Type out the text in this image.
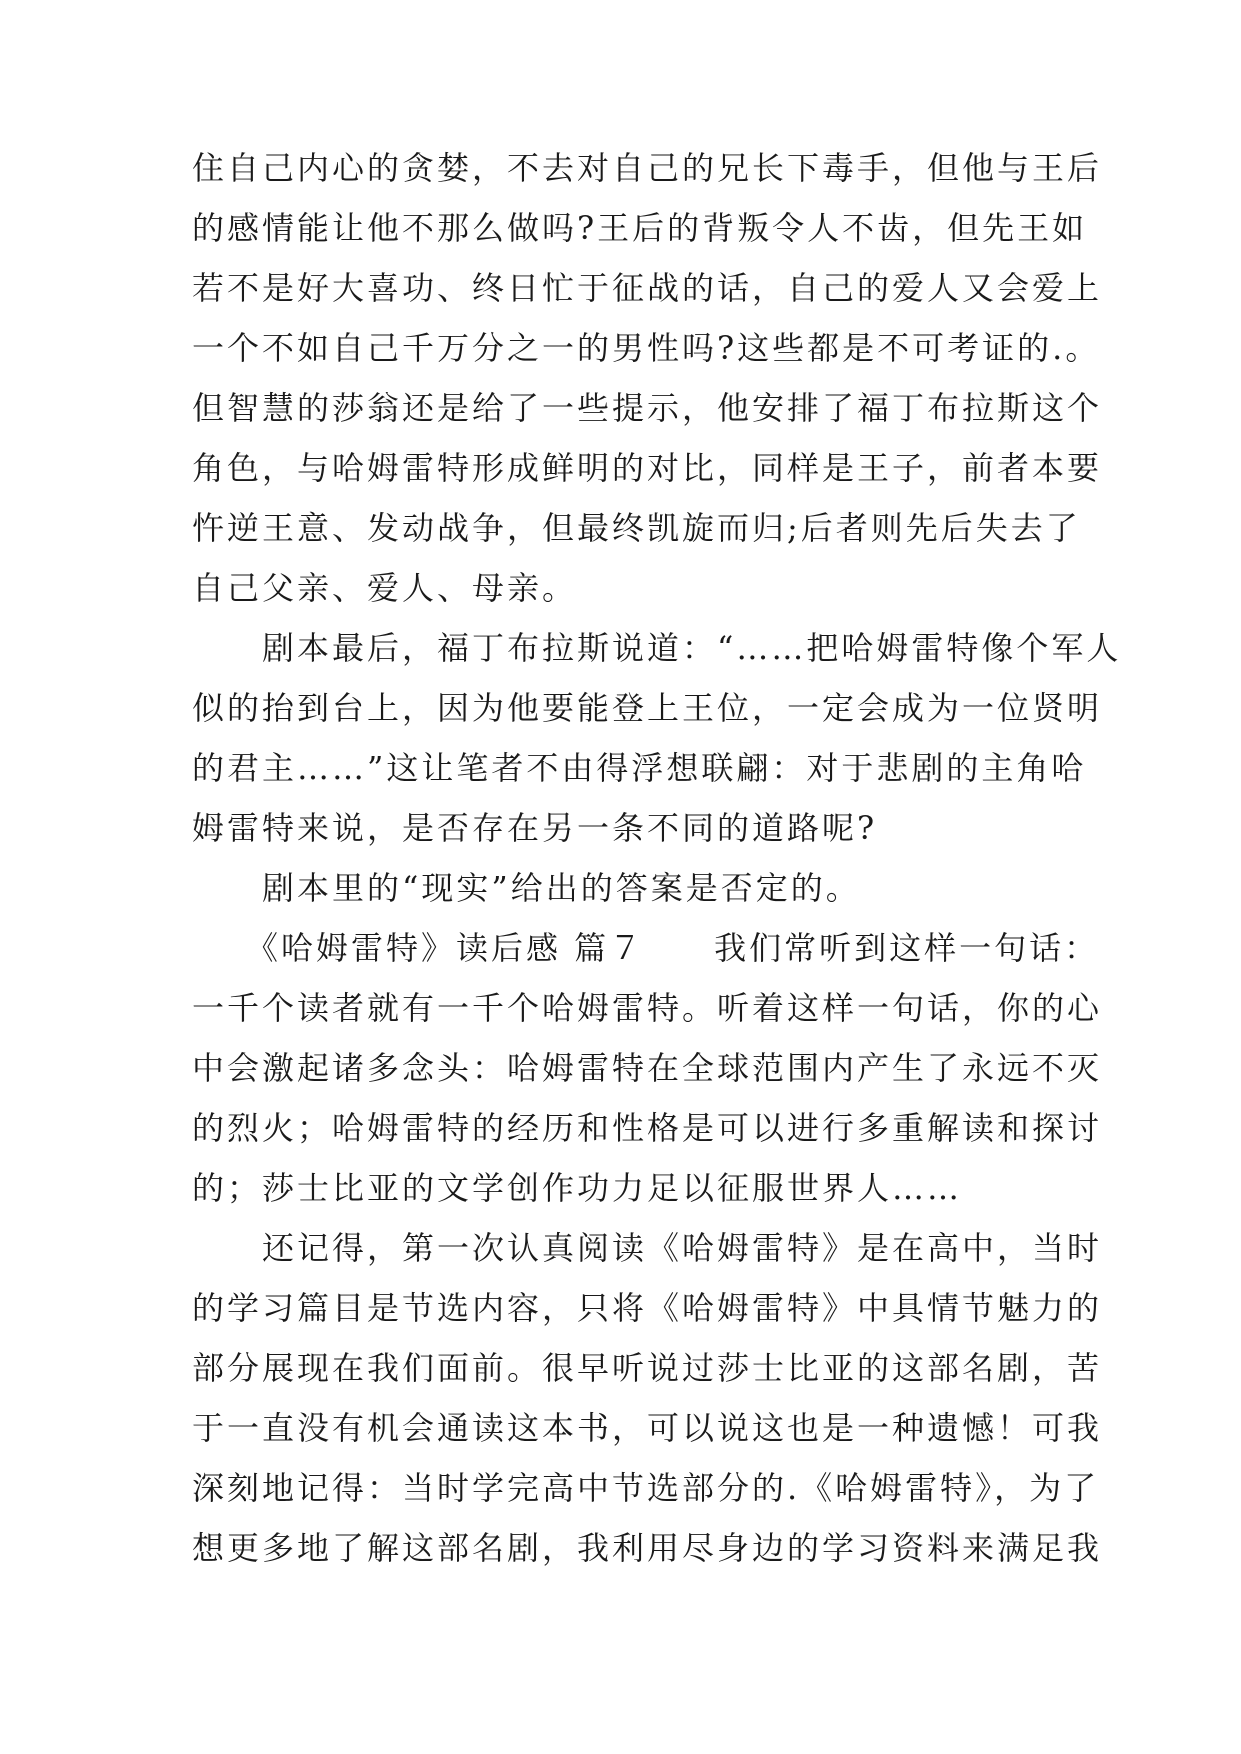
住自己内心的贪婪，不去对自己的兄长下毒手，但他与王后
的感情能让他不那么做吗?王后的背叛令人不齿，但先王如
若不是好大喜功、终日忙于征战的话，自己的爱人又会爱上
一个不如自己千万分之一的男性吗?这些都是不可考证的.。
但智慧的莎翁还是给了一些提示，他安排了福丁布拉斯这个
角色，与哈姆雷特形成鲜明的对比，同样是王子，前者本要
忤逆王意、发动战争，但最终凯旋而归;后者则先后失去了
自己父亲、爱人、母亲。
　　剧本最后，福丁布拉斯说道：“……把哈姆雷特像个军人
似的抬到台上，因为他要能登上王位，一定会成为一位贤明
的君主……”这让笔者不由得浮想联翩：对于悲剧的主角哈
姆雷特来说，是否存在另一条不同的道路呢?
　　剧本里的“现实”给出的答案是否定的。
　　《哈姆雷特》读后感 篇７　　我们常听到这样一句话：
一千个读者就有一千个哈姆雷特。听着这样一句话，你的心
中会激起诸多念头：哈姆雷特在全球范围内产生了永远不灭
的烈火；哈姆雷特的经历和性格是可以进行多重解读和探讨
的；莎士比亚的文学创作功力足以征服世界人……
　　还记得，第一次认真阅读《哈姆雷特》是在高中，当时
的学习篇目是节选内容，只将《哈姆雷特》中具情节魅力的
部分展现在我们面前。很早听说过莎士比亚的这部名剧，苦
于一直没有机会通读这本书，可以说这也是一种遗憾！可我
深刻地记得：当时学完高中节选部分的.《哈姆雷特》，为了
想更多地了解这部名剧，我利用尽身边的学习资料来满足我
